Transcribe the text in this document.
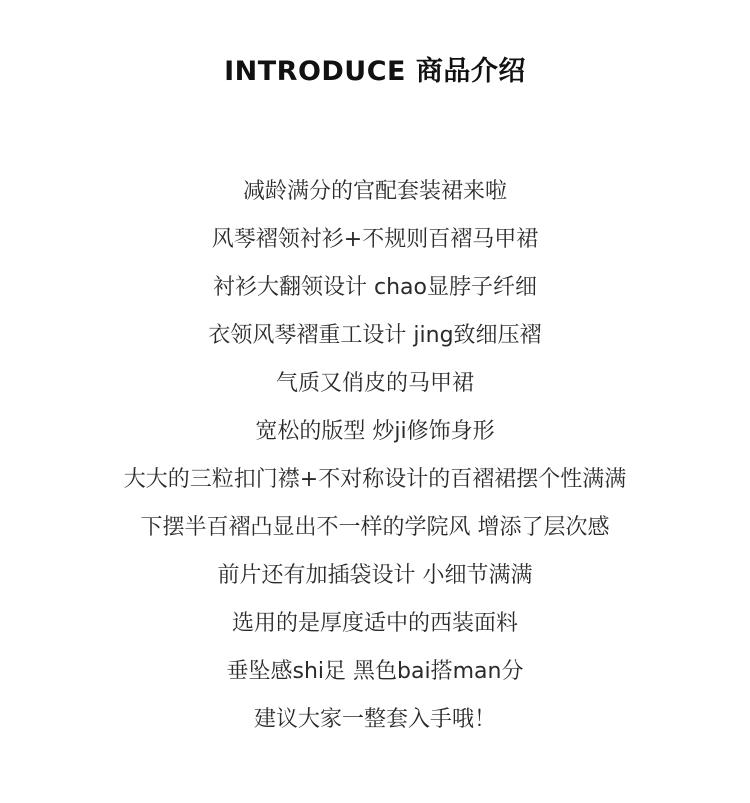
INTRODUCE 商品介绍
减龄满分的官配套装裙来啦
风琴褶领衬衫+不规则百褶马甲裙
衬衫大翻领设计 chao显脖子纤细
衣领风琴褶重工设计 jing致细压褶
气质又俏皮的马甲裙
宽松的版型 炒ji修饰身形
大大的三粒扣门襟+不对称设计的百褶裙摆个性满满
下摆半百褶凸显出不一样的学院风 增添了层次感
前片还有加插袋设计 小细节满满
选用的是厚度适中的西装面料
垂坠感shi足 黑色bai搭man分
建议大家一整套入手哦！
